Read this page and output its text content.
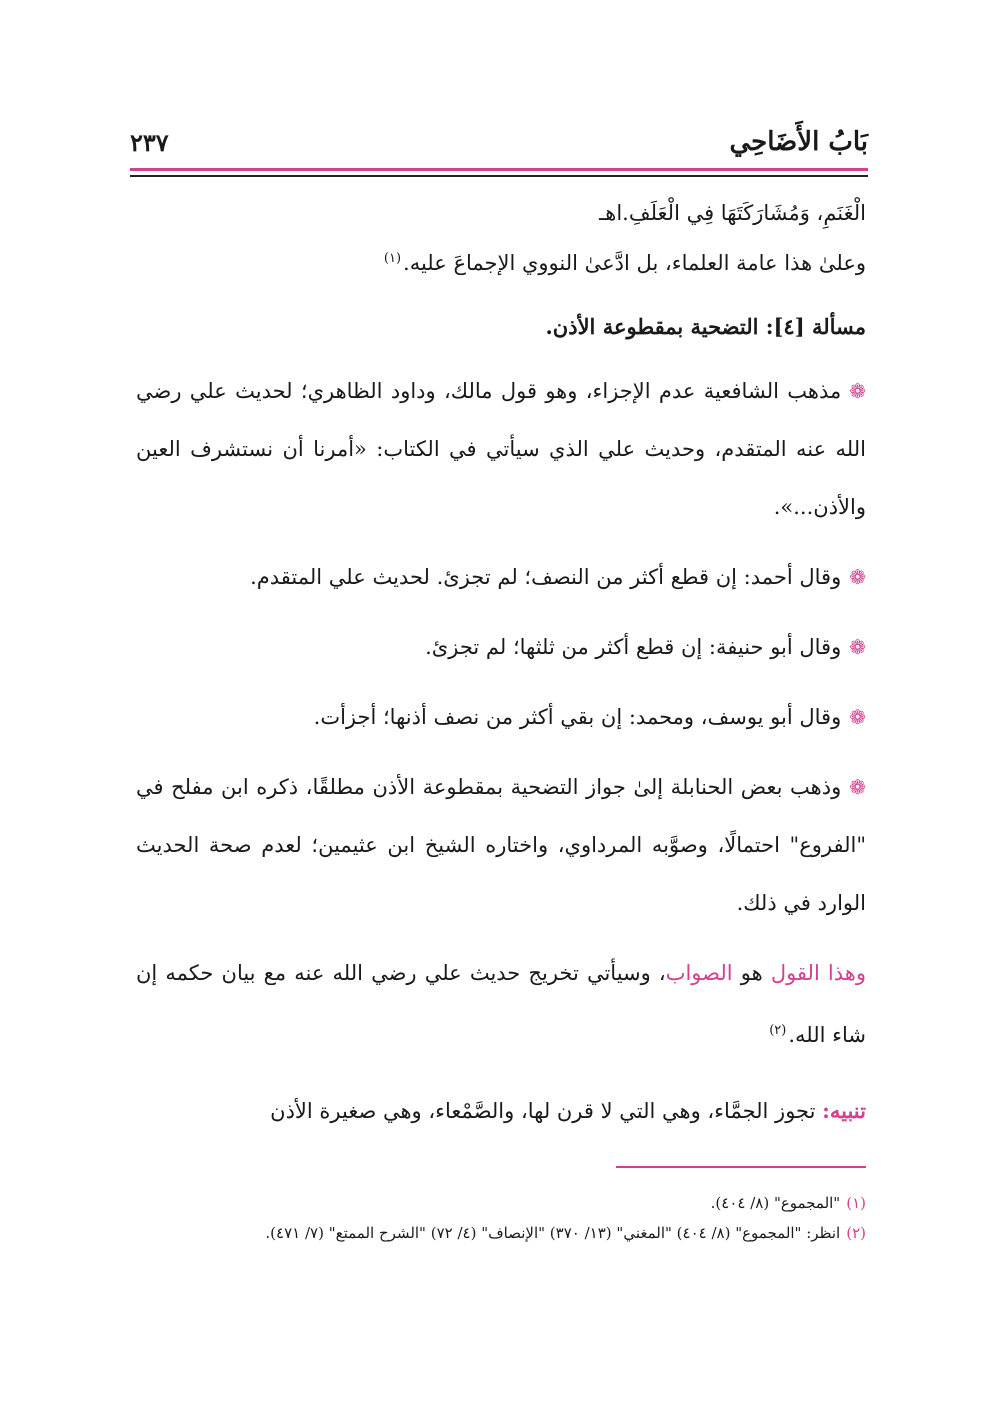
٢٣٧	بَابُ الأَضَاحِي
الْغَنَمِ، وَمُشَارَكَتَهَا فِي الْعَلَفِ.اهـ
وعلىٰ هذا عامة العلماء، بل ادَّعىٰ النووي الإجماعَ عليه.$^{(١)}$
مسألة [٤]: التضحية بمقطوعة الأذن.

❁مذهب الشافعية عدم الإجزاء، وهو قول مالك، وداود الظاهري؛ لحديث علي رضي الله عنه المتقدم، وحديث علي الذي سيأتي في الكتاب: «أمرنا أن نستشرف العين والأذن...».

❁وقال أحمد: إن قطع أكثر من النصف؛ لم تجزئ. لحديث علي المتقدم.

❁وقال أبو حنيفة: إن قطع أكثر من ثلثها؛ لم تجزئ.

❁وقال أبو يوسف، ومحمد: إن بقي أكثر من نصف أذنها؛ أجزأت.

❁وذهب بعض الحنابلة إلىٰ جواز التضحية بمقطوعة الأذن مطلقًا، ذكره ابن مفلح في "الفروع" احتمالًا، وصوَّبه المرداوي، واختاره الشيخ ابن عثيمين؛ لعدم صحة الحديث الوارد في ذلك.

وهذا القول هو الصواب، وسيأتي تخريج حديث علي رضي الله عنه مع بيان حكمه إن شاء الله.$^{(٢)}$

تنبيه: تجوز الجمَّاء، وهي التي لا قرن لها، والصَّمْعاء، وهي صغيرة الأذن

(١)"المجموع" (٨/ ٤٠٤).
(٢)انظر: "المجموع" (٨/ ٤٠٤) "المغني" (١٣/ ٣٧٠) "الإنصاف" (٤/ ٧٢) "الشرح الممتع" (٧/ ٤٧١).
